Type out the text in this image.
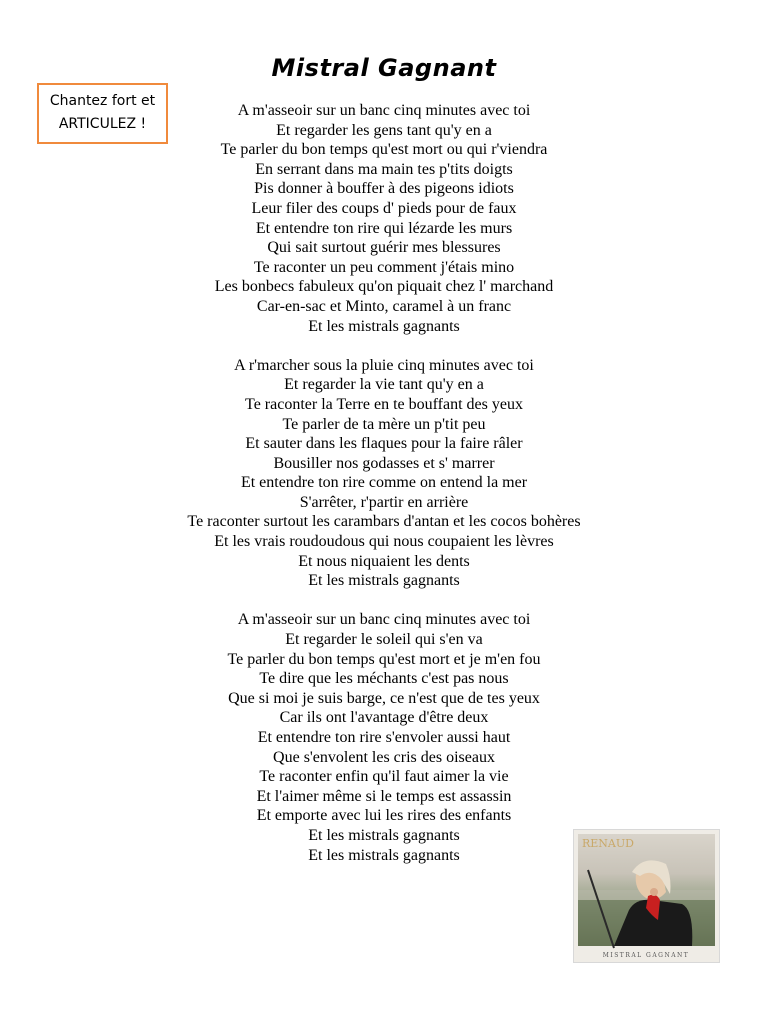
Mistral Gagnant
Chantez fort et
ARTICULEZ !
A m'asseoir sur un banc cinq minutes avec toi
Et regarder les gens tant qu'y en a
Te parler du bon temps qu'est mort ou qui r'viendra
En serrant dans ma main tes p'tits doigts
Pis donner à bouffer à des pigeons idiots
Leur filer des coups d' pieds pour de faux
Et entendre ton rire qui lézarde les murs
Qui sait surtout guérir mes blessures
Te raconter un peu comment j'étais mino
Les bonbecs fabuleux qu'on piquait chez l' marchand
Car-en-sac et Minto, caramel à un franc
Et les mistrals gagnants
A r'marcher sous la pluie cinq minutes avec toi
Et regarder la vie tant qu'y en a
Te raconter la Terre en te bouffant des yeux
Te parler de ta mère un p'tit peu
Et sauter dans les flaques pour la faire râler
Bousiller nos godasses et s' marrer
Et entendre ton rire comme on entend la mer
S'arrêter, r'partir en arrière
Te raconter surtout les carambars d'antan et les cocos bohères
Et les vrais roudoudous qui nous coupaient les lèvres
Et nous niquaient les dents
Et les mistrals gagnants
A m'asseoir sur un banc cinq minutes avec toi
Et regarder le soleil qui s'en va
Te parler du bon temps qu'est mort et je m'en fou
Te dire que les méchants c'est pas nous
Que si moi je suis barge, ce n'est que de tes yeux
Car ils ont l'avantage d'être deux
Et entendre ton rire s'envoler aussi haut
Que s'envolent les cris des oiseaux
Te raconter enfin qu'il faut aimer la vie
Et l'aimer même si le temps est assassin
Et emporte avec lui les rires des enfants
Et les mistrals gagnants
Et les mistrals gagnants
RENAUD
MISTRAL GAGNANT
